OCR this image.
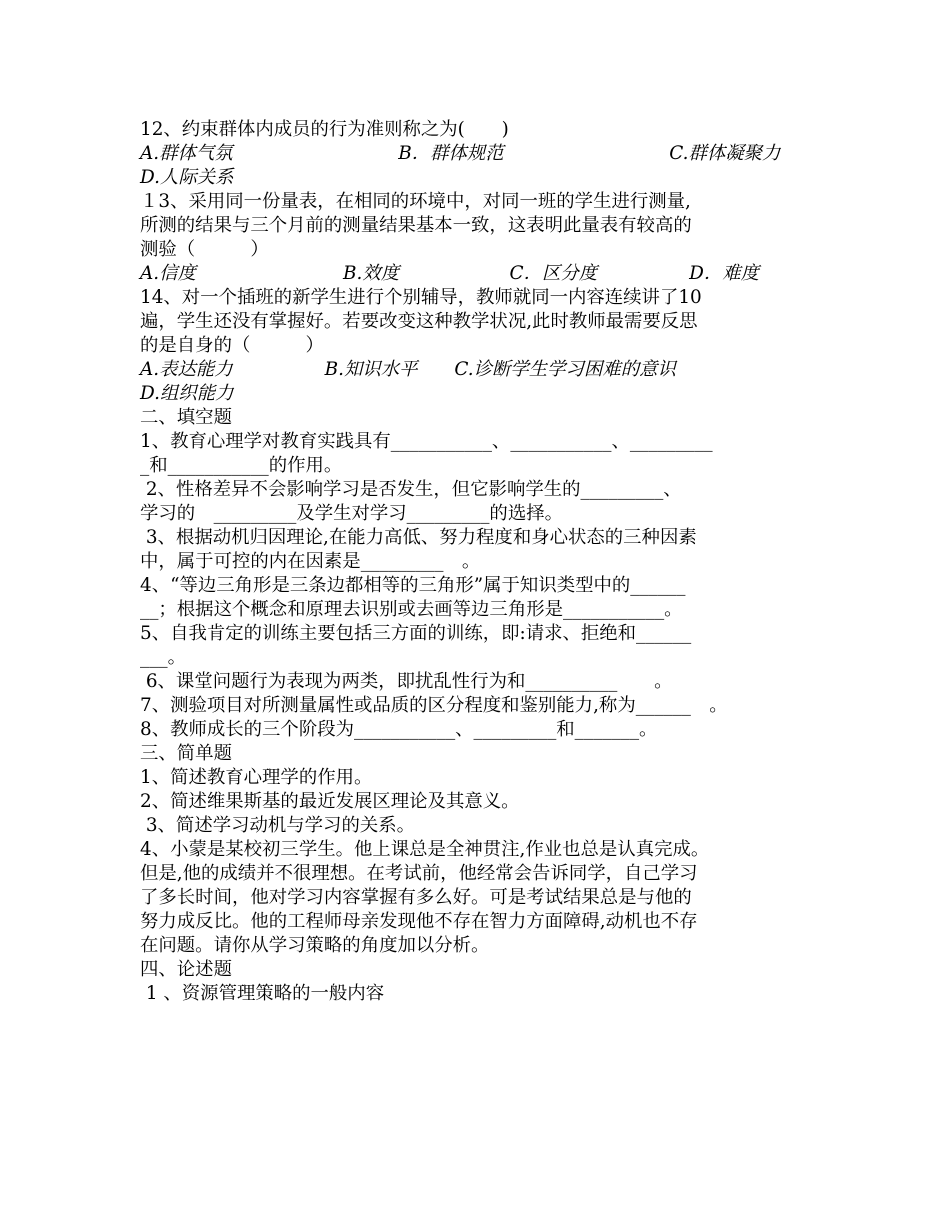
12、约束群体内成员的行为准则称之为(　　)

A.群体气氛　　　　　　　　　B．群体规范　　　　　　　　　C.群体凝聚力

D.人际关系

１3、采用同一份量表，在相同的环境中，对同一班的学生进行测量,

所测的结果与三个月前的测量结果基本一致，这表明此量表有较高的

测验（　　　）

A.信度　　　　　　　　B.效度　　　　　　C．区分度　　　　　D．难度

14、对一个插班的新学生进行个别辅导，教师就同一内容连续讲了10

遍，学生还没有掌握好。若要改变这种教学状况,此时教师最需要反思

的是自身的（　　　）

A.表达能力　　　　　B.知识水平　　C.诊断学生学习困难的意识

D.组织能力

二、填空题

1、教育心理学对教育实践具有___________、___________、_________

_和___________的作用。

2、性格差异不会影响学习是否发生，但它影响学生的_________、

学习的　_________及学生对学习_________的选择。

3、根据动机归因理论,在能力高低、努力程度和身心状态的三种因素

中，属于可控的内在因素是_________　。

4、“等边三角形是三条边都相等的三角形”属于知识类型中的______

__；根据这个概念和原理去识别或去画等边三角形是___________。

5、自我肯定的训练主要包括三方面的训练，即:请求、拒绝和______

___。

6、课堂问题行为表现为两类，即扰乱性行为和__________　　。

7、测验项目对所测量属性或品质的区分程度和鉴别能力,称为______　。

8、教师成长的三个阶段为___________、_________和_______。

三、简单题

1、简述教育心理学的作用。

2、简述维果斯基的最近发展区理论及其意义。

3、简述学习动机与学习的关系。

4、小蒙是某校初三学生。他上课总是全神贯注,作业也总是认真完成。

但是,他的成绩并不很理想。在考试前，他经常会告诉同学，自己学习

了多长时间，他对学习内容掌握有多么好。可是考试结果总是与他的

努力成反比。他的工程师母亲发现他不存在智力方面障碍,动机也不存

在问题。请你从学习策略的角度加以分析。

四、论述题

1 、资源管理策略的一般内容
